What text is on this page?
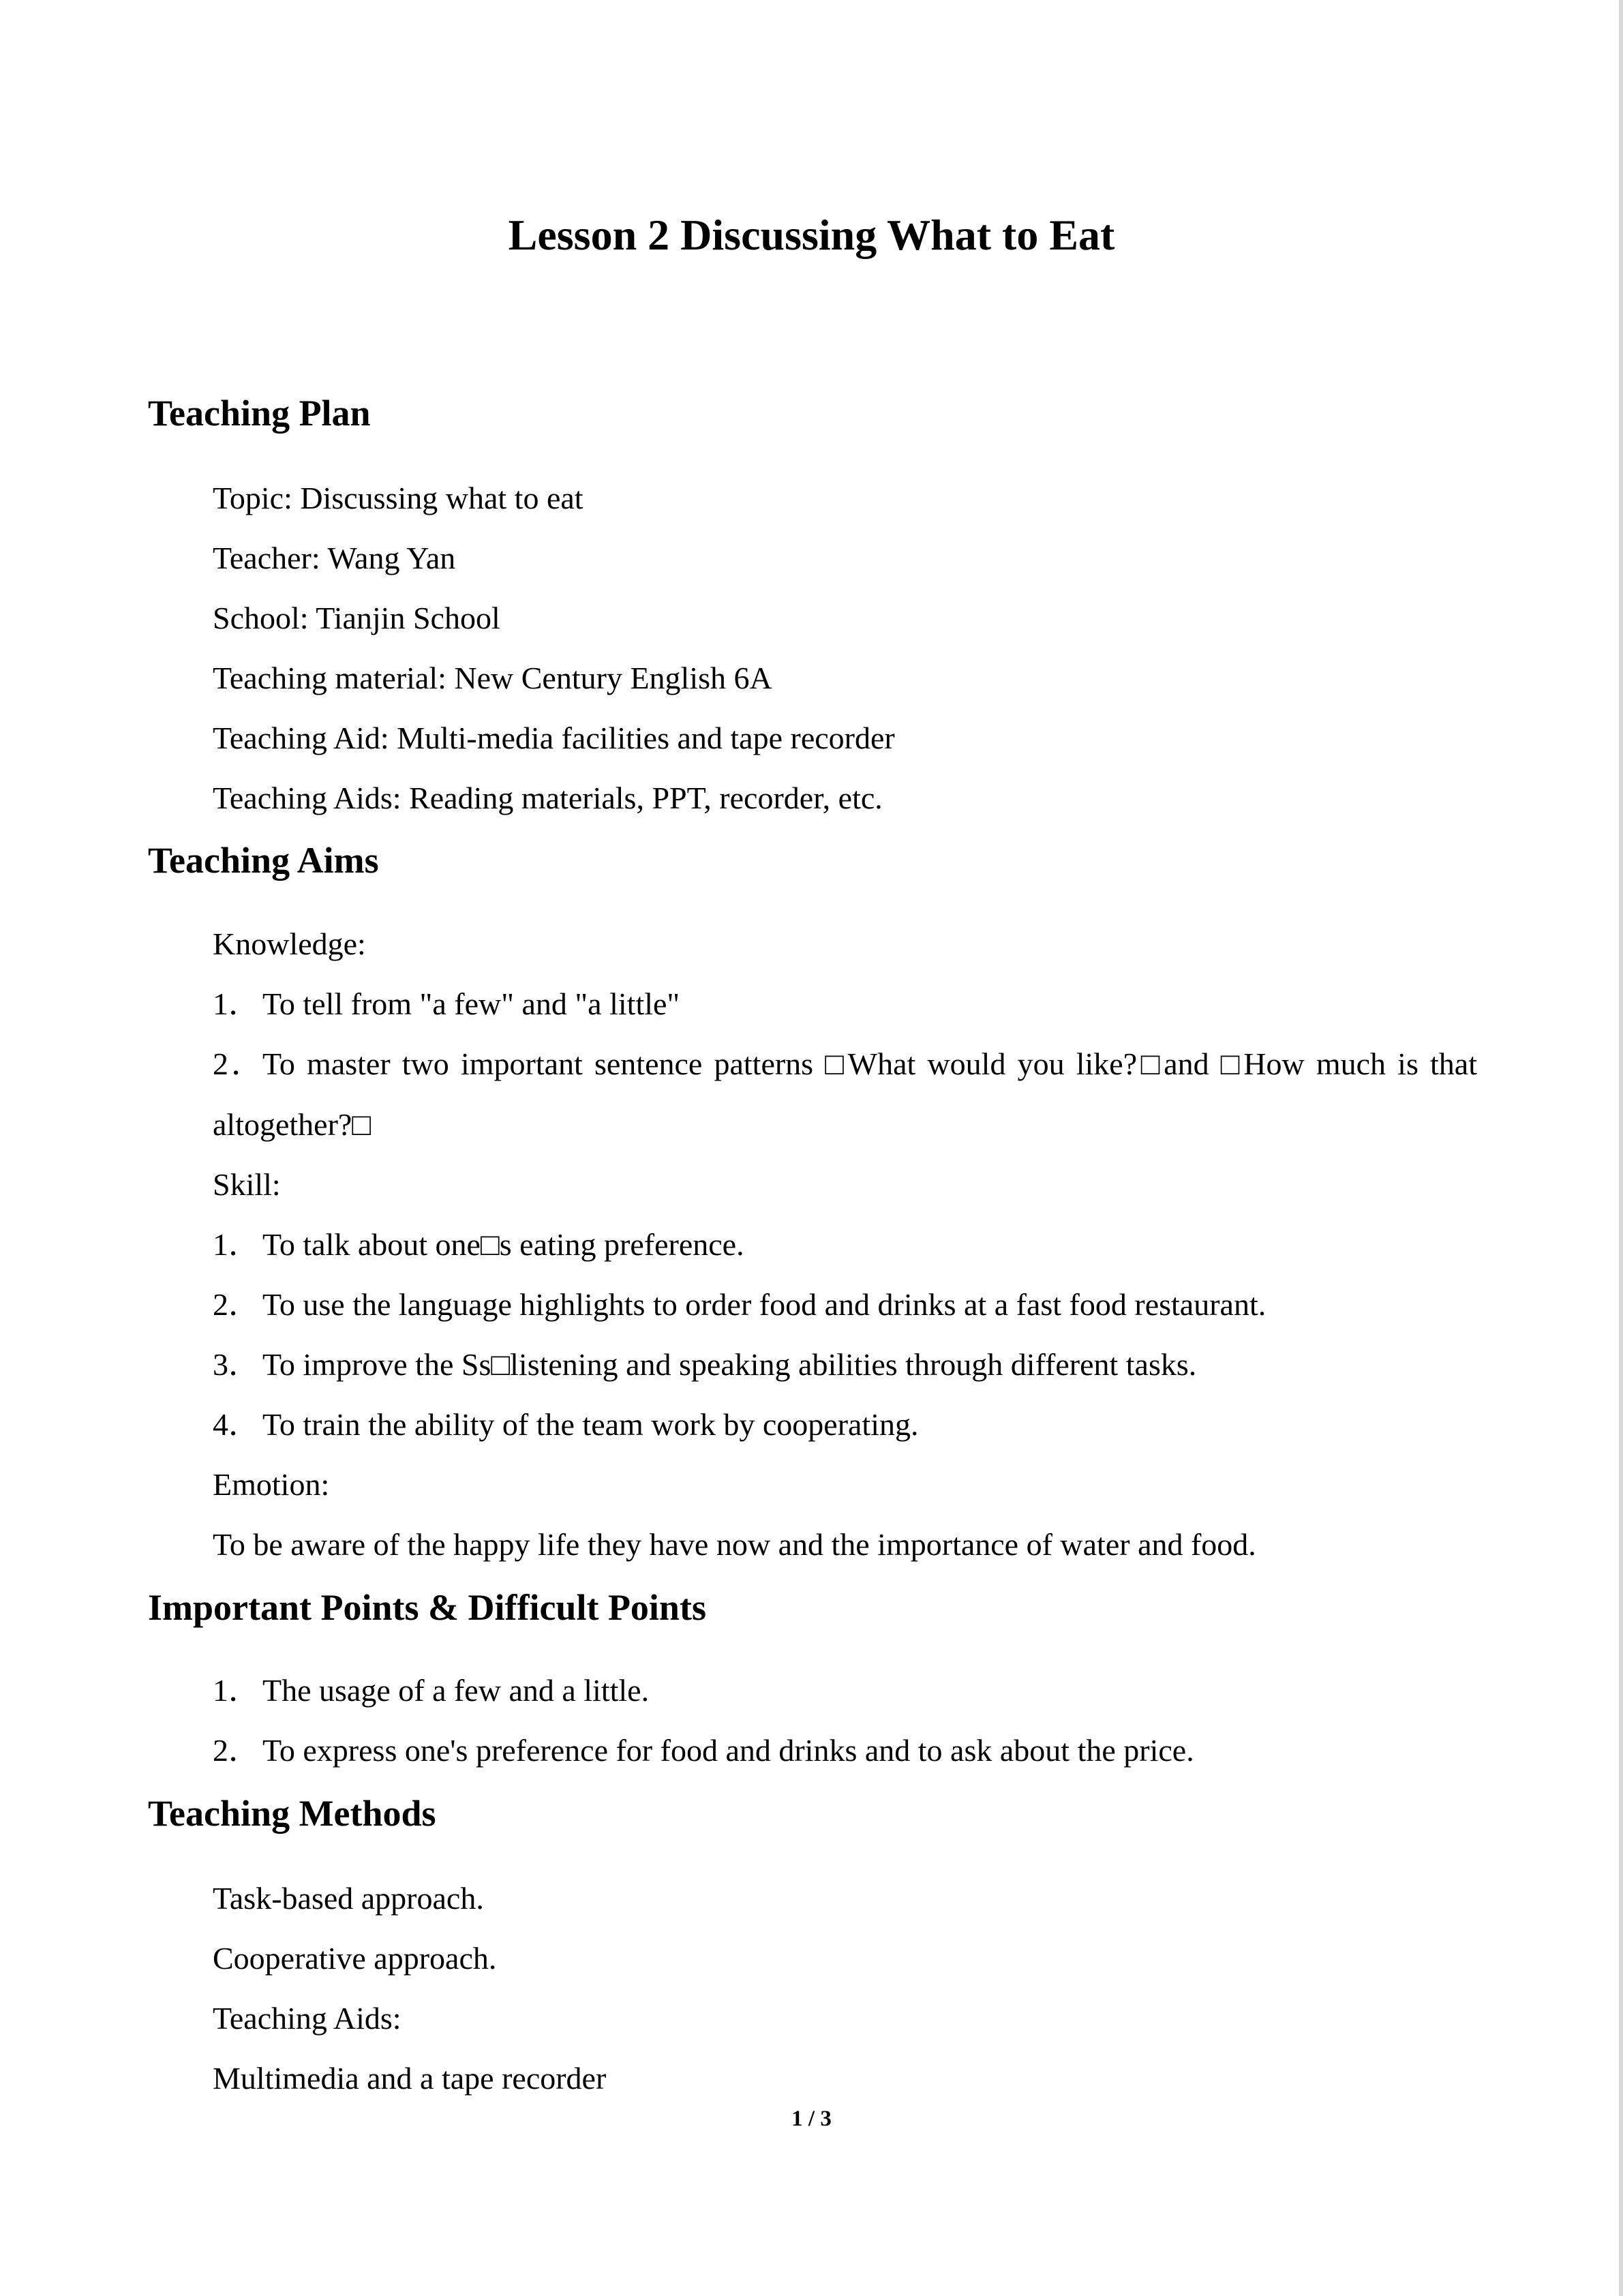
Lesson 2 Discussing What to Eat
Teaching Plan
Topic: Discussing what to eat
Teacher: Wang Yan
School: Tianjin School
Teaching material: New Century English 6A
Teaching Aid: Multi-media facilities and tape recorder
Teaching Aids: Reading materials, PPT, recorder, etc.
Teaching Aims
Knowledge:
1．To tell from "a few" and "a little"
2．To master two important sentence patterns □What would you like?□and □How much is that
altogether?□
Skill:
1．To talk about one□s eating preference.
2．To use the language highlights to order food and drinks at a fast food restaurant.
3．To improve the Ss□listening and speaking abilities through different tasks.
4．To train the ability of the team work by cooperating.
Emotion:
To be aware of the happy life they have now and the importance of water and food.
Important Points & Difficult Points
1．The usage of a few and a little.
2．To express one's preference for food and drinks and to ask about the price.
Teaching Methods
Task-based approach.
Cooperative approach.
Teaching Aids:
Multimedia and a tape recorder
1 / 3
